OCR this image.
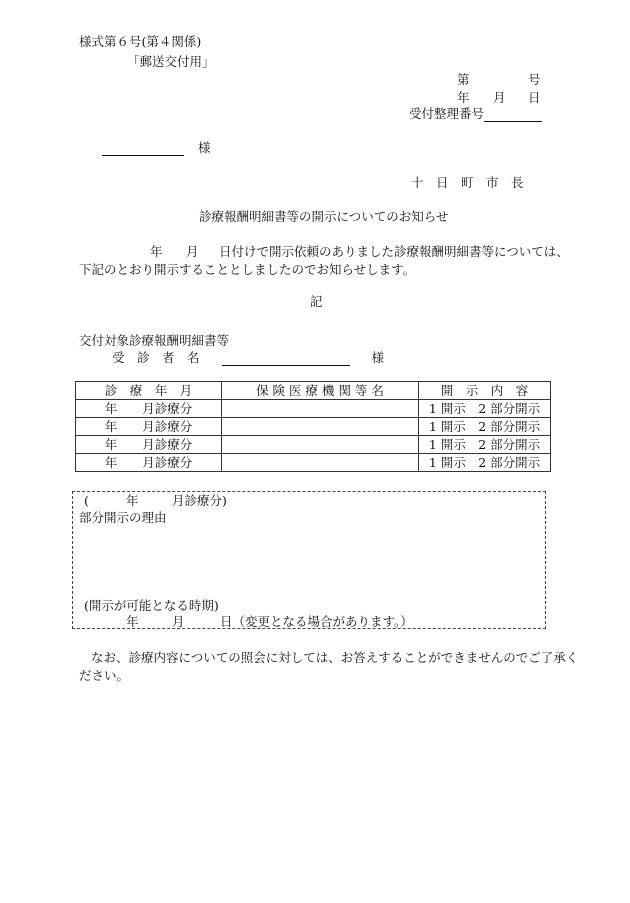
様式第６号(第４関係)
「郵送交付用」
第	号
年 月 日
受付整理番号
様
十　日　町　市　長
診療報酬明細書等の開示についてのお知らせ
年 月 日付けで開示依頼のありました診療報酬明細書等については、
下記のとおり開示することとしましたのでお知らせします。
記
交付対象診療報酬明細書等
受　診　者　名	様
診　療　年　月	保 険 医 療 機 関 等 名	開　示　内　容
年　　月診療分		1 開示　2 部分開示
年　　月診療分		1 開示　2 部分開示
年　　月診療分		1 開示　2 部分開示
年　　月診療分		1 開示　2 部分開示
(	年	月診療分)
部分開示の理由
(開示が可能となる時期)
年	月	日（変更となる場合があります。）
なお、診療内容についての照会に対しては、お答えすることができませんのでご了承く
ださい。
